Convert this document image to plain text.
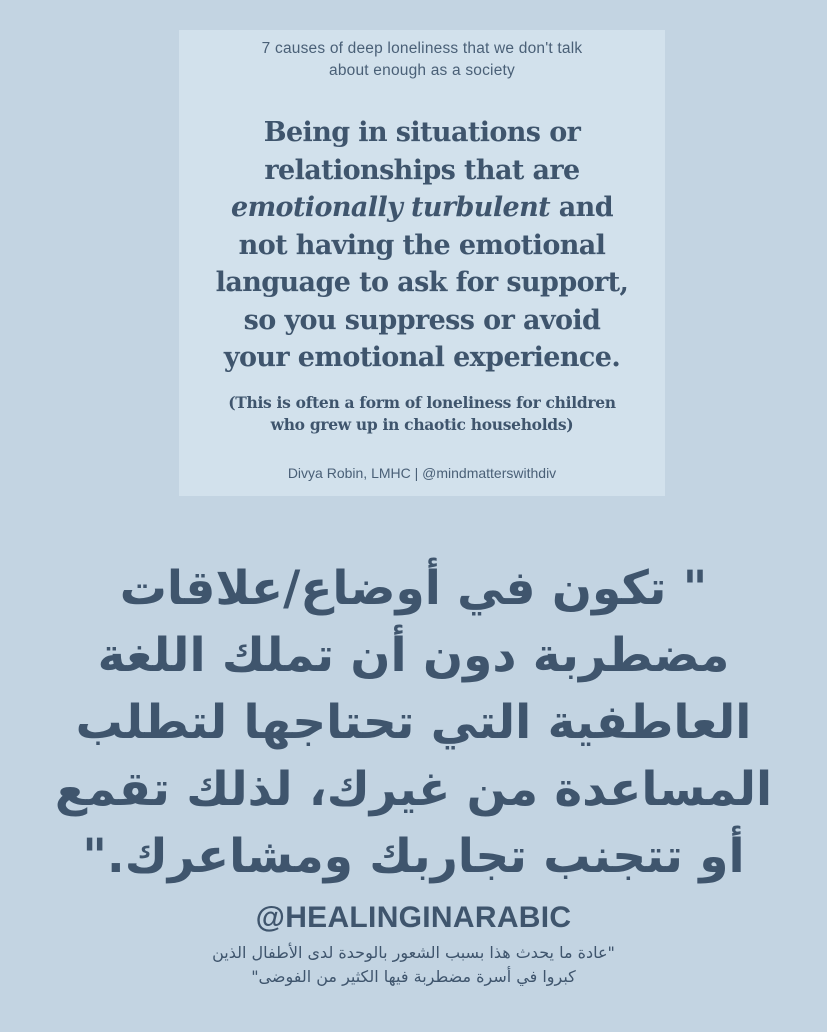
7 causes of deep loneliness that we don't talk
about enough as a society
Being in situations or
relationships that are
emotionally turbulent and
not having the emotional
language to ask for support,
so you suppress or avoid
your emotional experience.
(This is often a form of loneliness for children
who grew up in chaotic households)
Divya Robin, LMHC | @mindmatterswithdiv
" تكون في أوضاع/علاقات
مضطربة دون أن تملك اللغة
العاطفية التي تحتاجها لتطلب
المساعدة من غيرك، لذلك تقمع
أو تتجنب تجاربك ومشاعرك."
@HEALINGINARABIC
"عادة ما يحدث هذا بسبب الشعور بالوحدة لدى الأطفال الذين
كبروا في أسرة مضطربة فيها الكثير من الفوضى"
